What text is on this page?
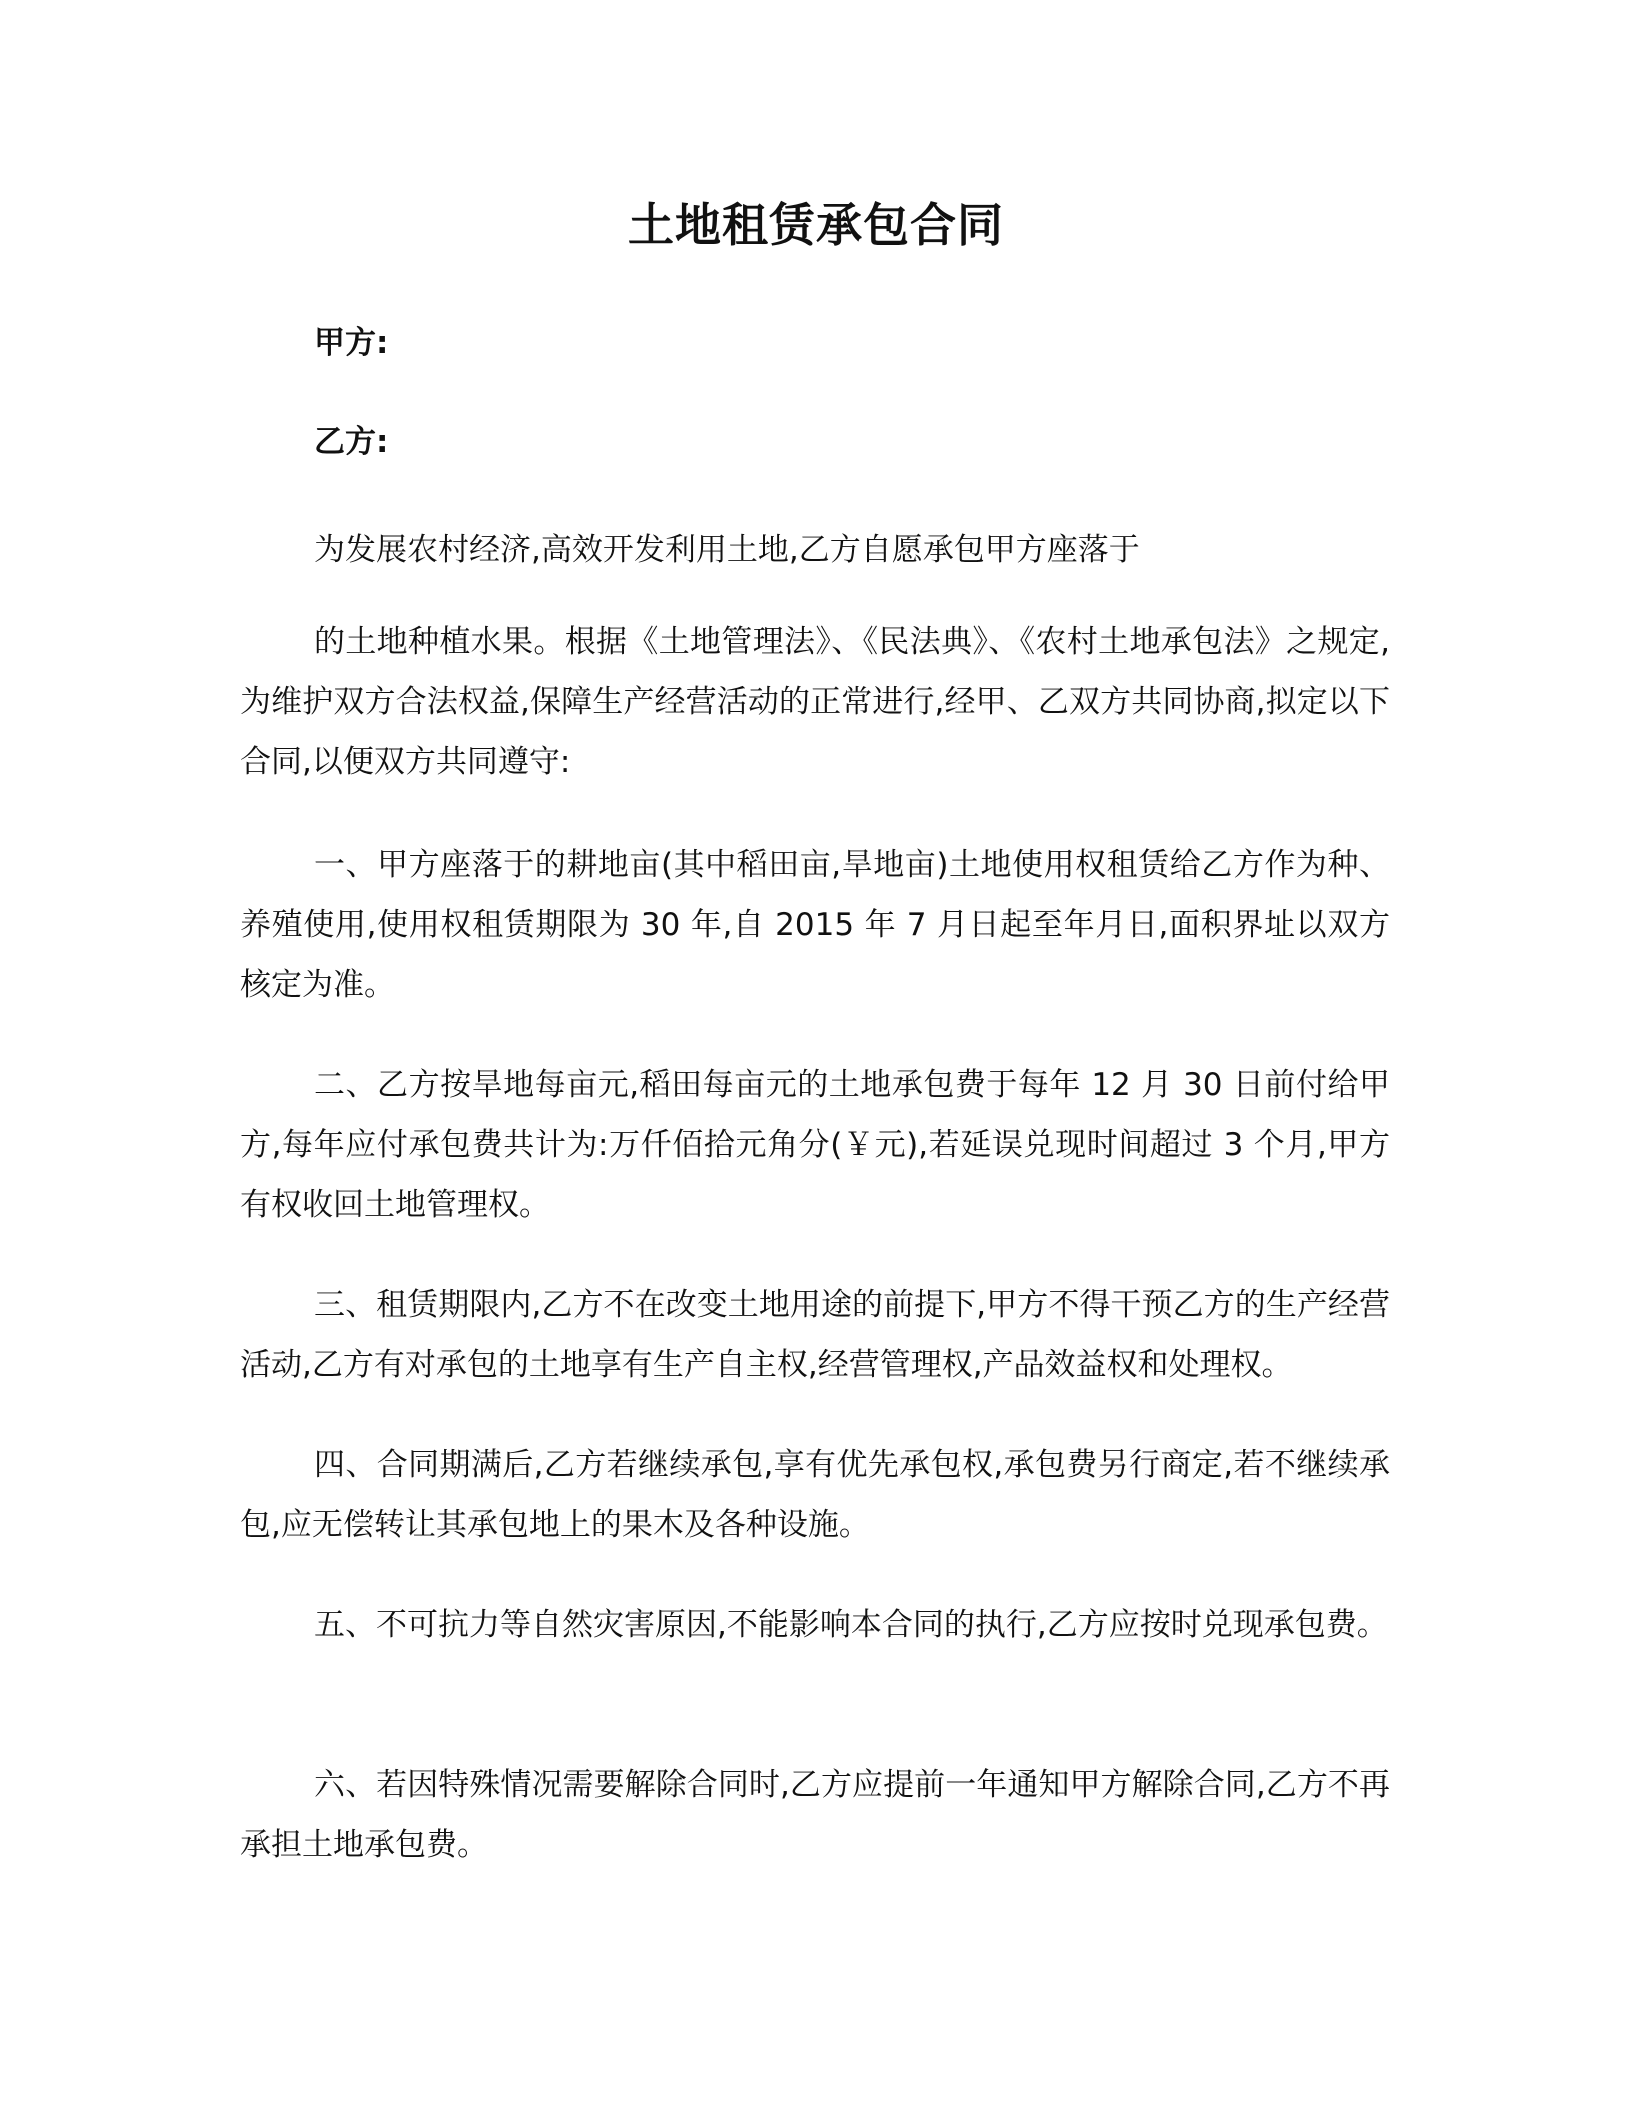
土地租赁承包合同

甲方:

乙方:

为发展农村经济,高效开发利用土地,乙方自愿承包甲方座落于

的土地种植水果。根据《土地管理法》、《民法典》、《农村土地承包法》之规定,为维护双方合法权益,保障生产经营活动的正常进行,经甲、乙双方共同协商,拟定以下合同,以便双方共同遵守:

一、甲方座落于的耕地亩(其中稻田亩,旱地亩)土地使用权租赁给乙方作为种、养殖使用,使用权租赁期限为 30 年,自 2015 年 7 月日起至年月日,面积界址以双方核定为准。

二、乙方按旱地每亩元,稻田每亩元的土地承包费于每年 12 月 30 日前付给甲方,每年应付承包费共计为:万仟佰拾元角分(￥元),若延误兑现时间超过 3 个月,甲方有权收回土地管理权。

三、租赁期限内,乙方不在改变土地用途的前提下,甲方不得干预乙方的生产经营活动,乙方有对承包的土地享有生产自主权,经营管理权,产品效益权和处理权。

四、合同期满后,乙方若继续承包,享有优先承包权,承包费另行商定,若不继续承包,应无偿转让其承包地上的果木及各种设施。

五、不可抗力等自然灾害原因,不能影响本合同的执行,乙方应按时兑现承包费。

六、若因特殊情况需要解除合同时,乙方应提前一年通知甲方解除合同,乙方不再承担土地承包费。
